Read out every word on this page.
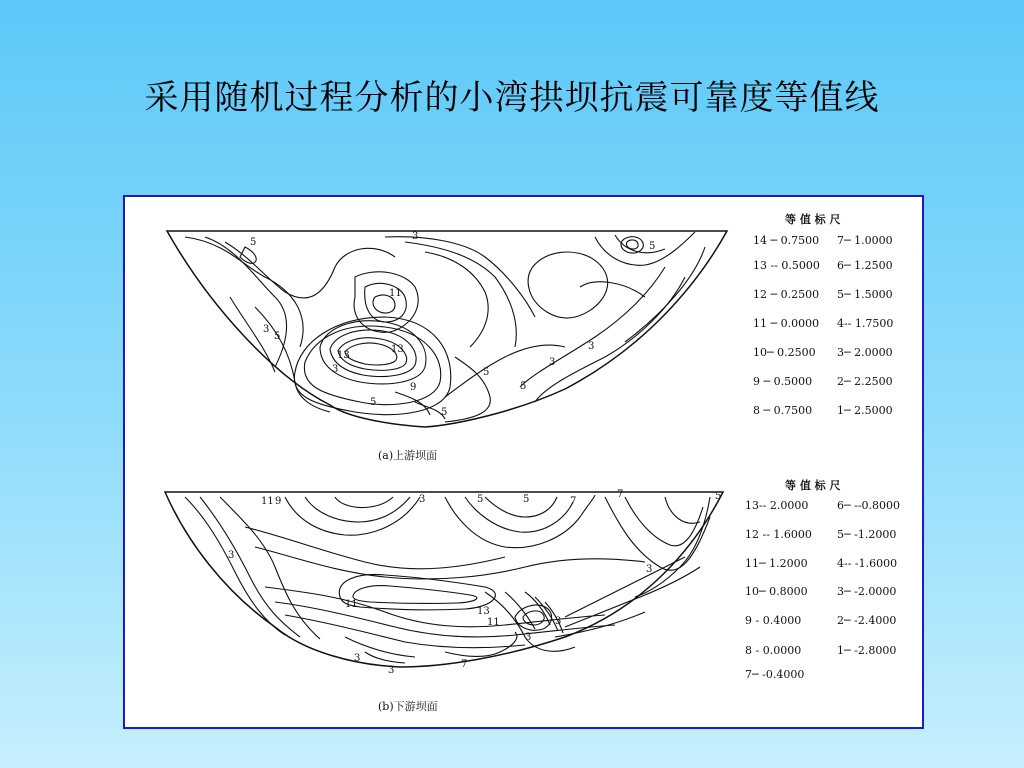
采用随机过程分析的小湾拱坝抗震可靠度等值线
3
5
3
5
11
13
13
3
5
9
5
3
5
5
3
5
(a)上游坝面
等 值 标 尺
14 ─ 0.7500 7─ 1.0000
13 ‐‐ 0.5000 6─ 1.2500
12 ─ 0.2500 5─ 1.5000
11 ─ 0.0000 4‐‐ 1.7500
10─ 0.2500 3─ 2.0000
9 ─ 0.5000 2─ 2.2500
8 ─ 0.7500 1─ 2.5000
11 9	3	5	5	7
7	5
3
3
11
13
11	3
3
3
3
7
(b)下游坝面
等 值 标 尺
13‐‐ 2.0000	6─ ‐‐0.8000
12 ‐‐ 1.6000 5─ ‐1.2000
11─ 1.2000	4‐‐ ‐1.6000
10─ 0.8000	3─ ‐2.0000
9 ‐ 0.4000	2─ ‐2.4000
8 ‐ 0.0000	1─ ‐2.8000
7─ ‐0.4000
